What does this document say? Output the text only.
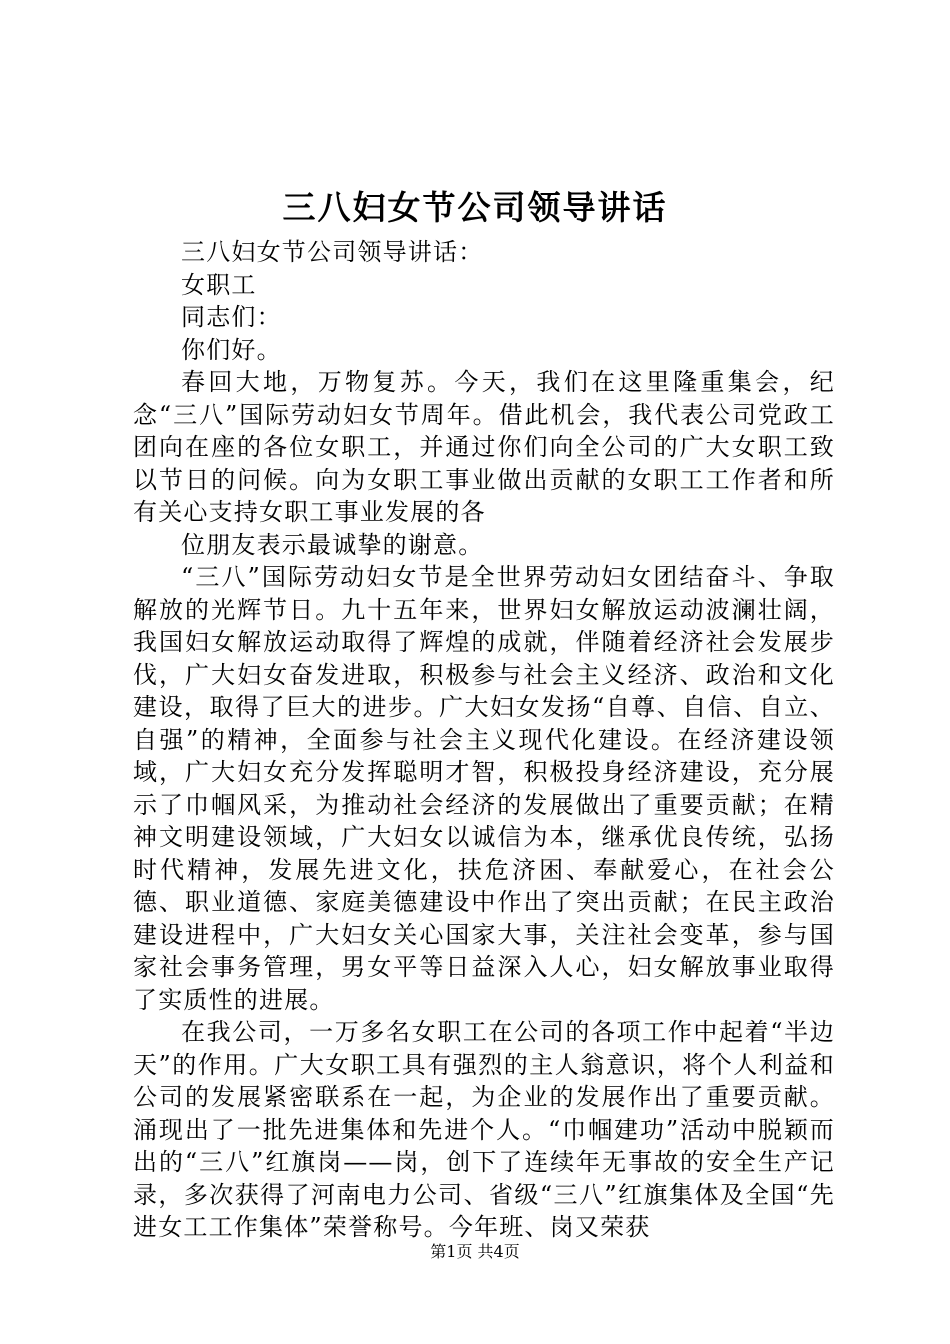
三八妇女节公司领导讲话

三八妇女节公司领导讲话：

女职工

同志们：

你们好。

春回大地，万物复苏。今天，我们在这里隆重集会，纪念“三八”国际劳动妇女节周年。借此机会，我代表公司党政工团向在座的各位女职工，并通过你们向全公司的广大女职工致以节日的问候。向为女职工事业做出贡献的女职工工作者和所有关心支持女职工事业发展的各

位朋友表示最诚挚的谢意。

“三八”国际劳动妇女节是全世界劳动妇女团结奋斗、争取解放的光辉节日。九十五年来，世界妇女解放运动波澜壮阔，我国妇女解放运动取得了辉煌的成就，伴随着经济社会发展步伐，广大妇女奋发进取，积极参与社会主义经济、政治和文化建设，取得了巨大的进步。广大妇女发扬“自尊、自信、自立、自强”的精神，全面参与社会主义现代化建设。在经济建设领域，广大妇女充分发挥聪明才智，积极投身经济建设，充分展示了巾帼风采，为推动社会经济的发展做出了重要贡献；在精神文明建设领域，广大妇女以诚信为本，继承优良传统，弘扬时代精神，发展先进文化，扶危济困、奉献爱心，在社会公德、职业道德、家庭美德建设中作出了突出贡献；在民主政治建设进程中，广大妇女关心国家大事，关注社会变革，参与国家社会事务管理，男女平等日益深入人心，妇女解放事业取得了实质性的进展。

在我公司，一万多名女职工在公司的各项工作中起着“半边天”的作用。广大女职工具有强烈的主人翁意识，将个人利益和公司的发展紧密联系在一起，为企业的发展作出了重要贡献。涌现出了一批先进集体和先进个人。“巾帼建功”活动中脱颖而出的“三八”红旗岗——岗，创下了连续年无事故的安全生产记录，多次获得了河南电力公司、省级“三八”红旗集体及全国“先进女工工作集体”荣誉称号。今年班、岗又荣获

第1页 共4页
